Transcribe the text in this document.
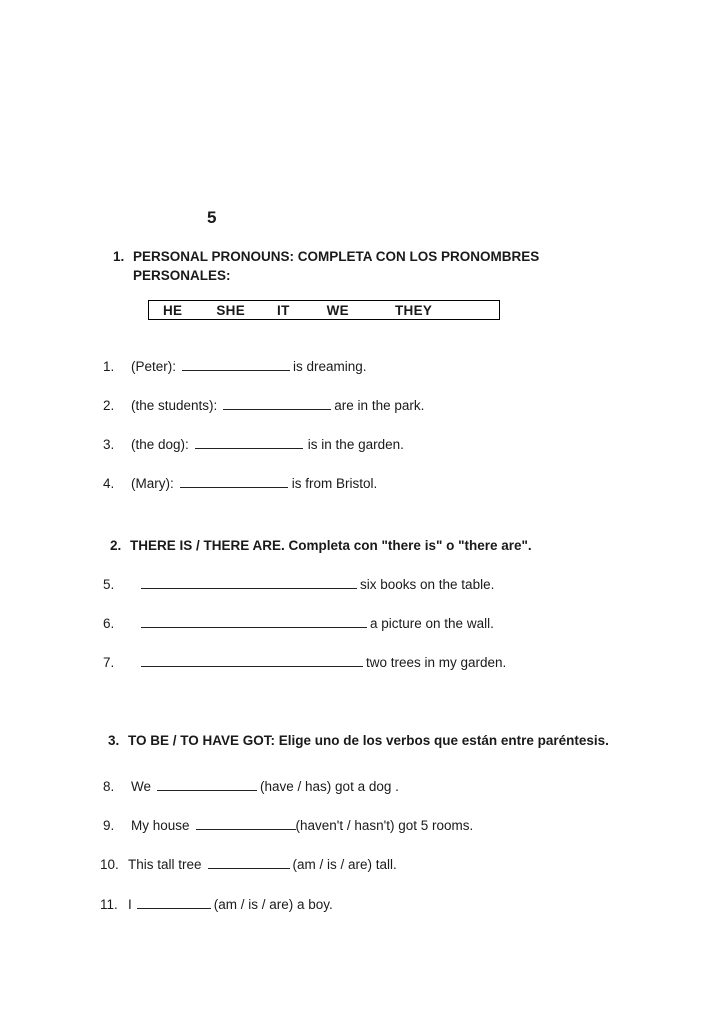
5
1. PERSONAL PRONOUNS: COMPLETA CON LOS PRONOMBRES PERSONALES:
HE	SHE IT	WE	THEY
1.	(Peter):	is dreaming.
2.	(the students):	are in the park.
3.	(the dog):	is in the garden.
4.	(Mary):	is from Bristol.
2. THERE IS / THERE ARE. Completa con "there is" o "there are".
5.	six books on the table.
6.	a picture on the wall.
7.	two trees in my garden.
3. TO BE / TO HAVE GOT: Elige uno de los verbos que están entre paréntesis.
8.	We	(have / has) got a dog .
9.	My house	(haven't / hasn't) got 5 rooms.
10. This tall tree	(am / is / are) tall.
11. I	(am / is / are) a boy.
